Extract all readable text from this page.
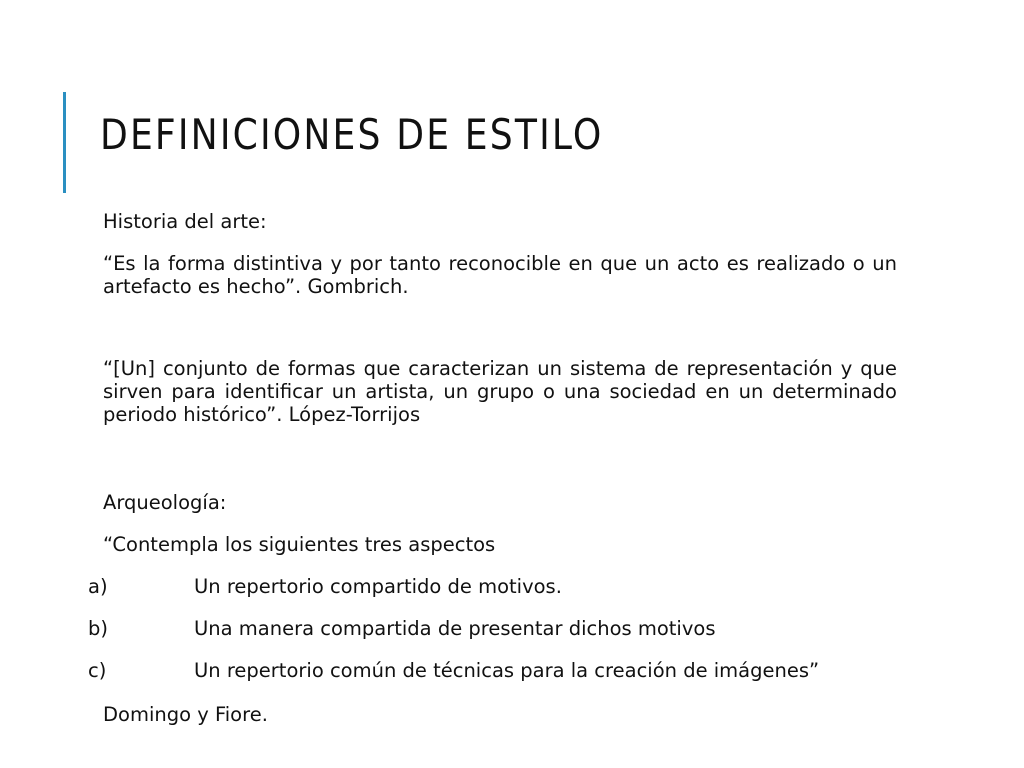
DEFINICIONES DE ESTILO

Historia del arte:

“Es la forma distintiva y por tanto reconocible en que un acto es realizado o un artefacto es hecho”. Gombrich.

“[Un] conjunto de formas que caracterizan un sistema de representación y que sirven para identificar un artista, un grupo o una sociedad en un determinado periodo histórico”. López-Torrijos

Arqueología:

“Contempla los siguientes tres aspectos

a)	Un repertorio compartido de motivos.
b)	Una manera compartida de presentar dichos motivos
c)	Un repertorio común de técnicas para la creación de imágenes”

Domingo y Fiore.
